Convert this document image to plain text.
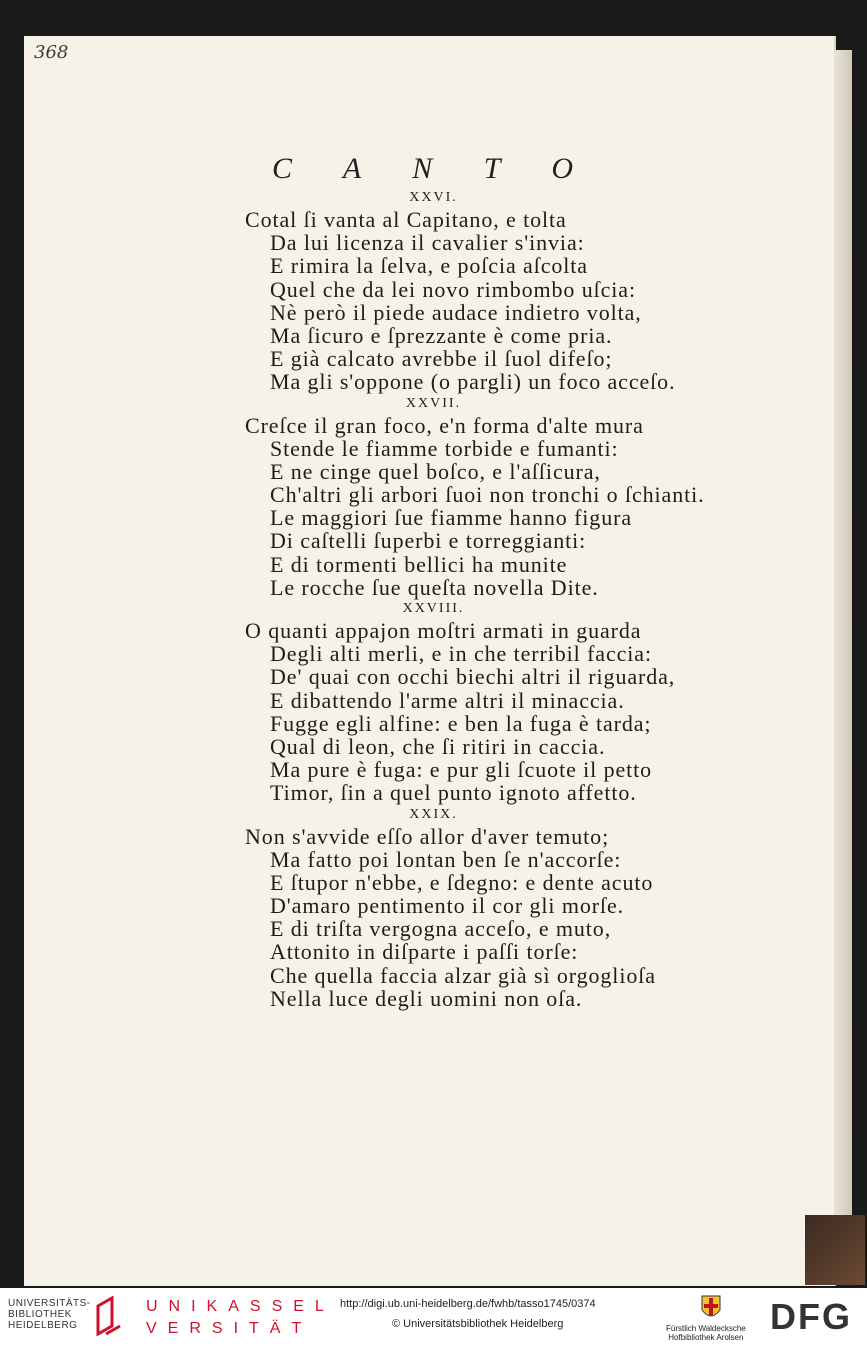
368
C A N T O
XXVI.
Cotal ſi vanta al Capitano, e tolta
Da lui licenza il cavalier s'invia:
E rimira la ſelva, e poſcia aſcolta
Quel che da lei novo rimbombo uſcia:
Nè però il piede audace indietro volta,
Ma ſicuro e ſprezzante è come pria.
E già calcato avrebbe il ſuol difeſo;
Ma gli s'oppone (o pargli) un foco acceſo.
XXVII.
Creſce il gran foco, e'n forma d'alte mura
Stende le fiamme torbide e fumanti:
E ne cinge quel boſco, e l'aſſicura,
Ch'altri gli arbori ſuoi non tronchi o ſchianti.
Le maggiori ſue fiamme hanno figura
Di caſtelli ſuperbi e torreggianti:
E di tormenti bellici ha munite
Le rocche ſue queſta novella Dite.
XXVIII.
O quanti appajon moſtri armati in guarda
Degli alti merli, e in che terribil faccia:
De' quai con occhi biechi altri il riguarda,
E dibattendo l'arme altri il minaccia.
Fugge egli alfine: e ben la fuga è tarda;
Qual di leon, che ſi ritiri in caccia.
Ma pure è fuga: e pur gli ſcuote il petto
Timor, ſin a quel punto ignoto affetto.
XXIX.
Non s'avvide eſſo allor d'aver temuto;
Ma fatto poi lontan ben ſe n'accorſe:
E ſtupor n'ebbe, e ſdegno: e dente acuto
D'amaro pentimento il cor gli morſe.
E di triſta vergogna acceſo, e muto,
Attonito in diſparte i paſſi torſe:
Che quella faccia alzar già sì orgoglioſa
Nella luce degli uomini non oſa.
UNIVERSITÄTS-
BIBLIOTHEK
HEIDELBERG
UNIKASSEL
VERSITÄT
http://digi.ub.uni-heidelberg.de/fwhb/tasso1745/0374
© Universitätsbibliothek Heidelberg	Fürstlich Waldecksche
Hofbibliothek Arolsen
DFG
